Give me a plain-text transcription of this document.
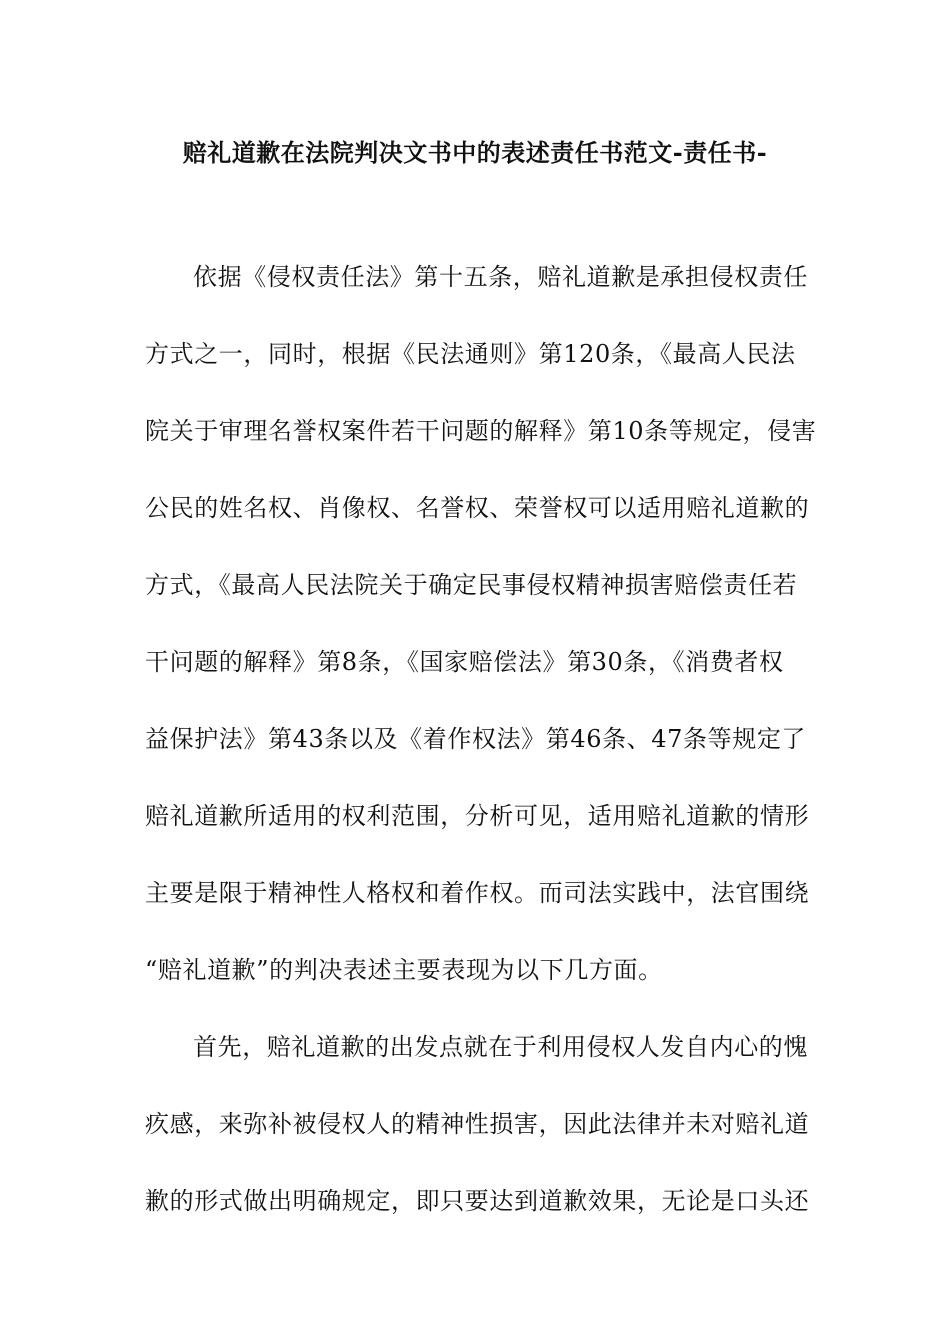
赔礼道歉在法院判决文书中的表述责任书范文-责任书-
依据《侵权责任法》第十五条，赔礼道歉是承担侵权责任
方式之一，同时，根据《民法通则》第120条，《最高人民法
院关于审理名誉权案件若干问题的解释》第10条等规定，侵害
公民的姓名权、肖像权、名誉权、荣誉权可以适用赔礼道歉的
方式，《最高人民法院关于确定民事侵权精神损害赔偿责任若
干问题的解释》第8条，《国家赔偿法》第30条，《消费者权
益保护法》第43条以及《着作权法》第46条、47条等规定了
赔礼道歉所适用的权利范围，分析可见，适用赔礼道歉的情形
主要是限于精神性人格权和着作权。而司法实践中，法官围绕
“赔礼道歉”的判决表述主要表现为以下几方面。
首先，赔礼道歉的出发点就在于利用侵权人发自内心的愧
疚感，来弥补被侵权人的精神性损害，因此法律并未对赔礼道
歉的形式做出明确规定，即只要达到道歉效果，无论是口头还
